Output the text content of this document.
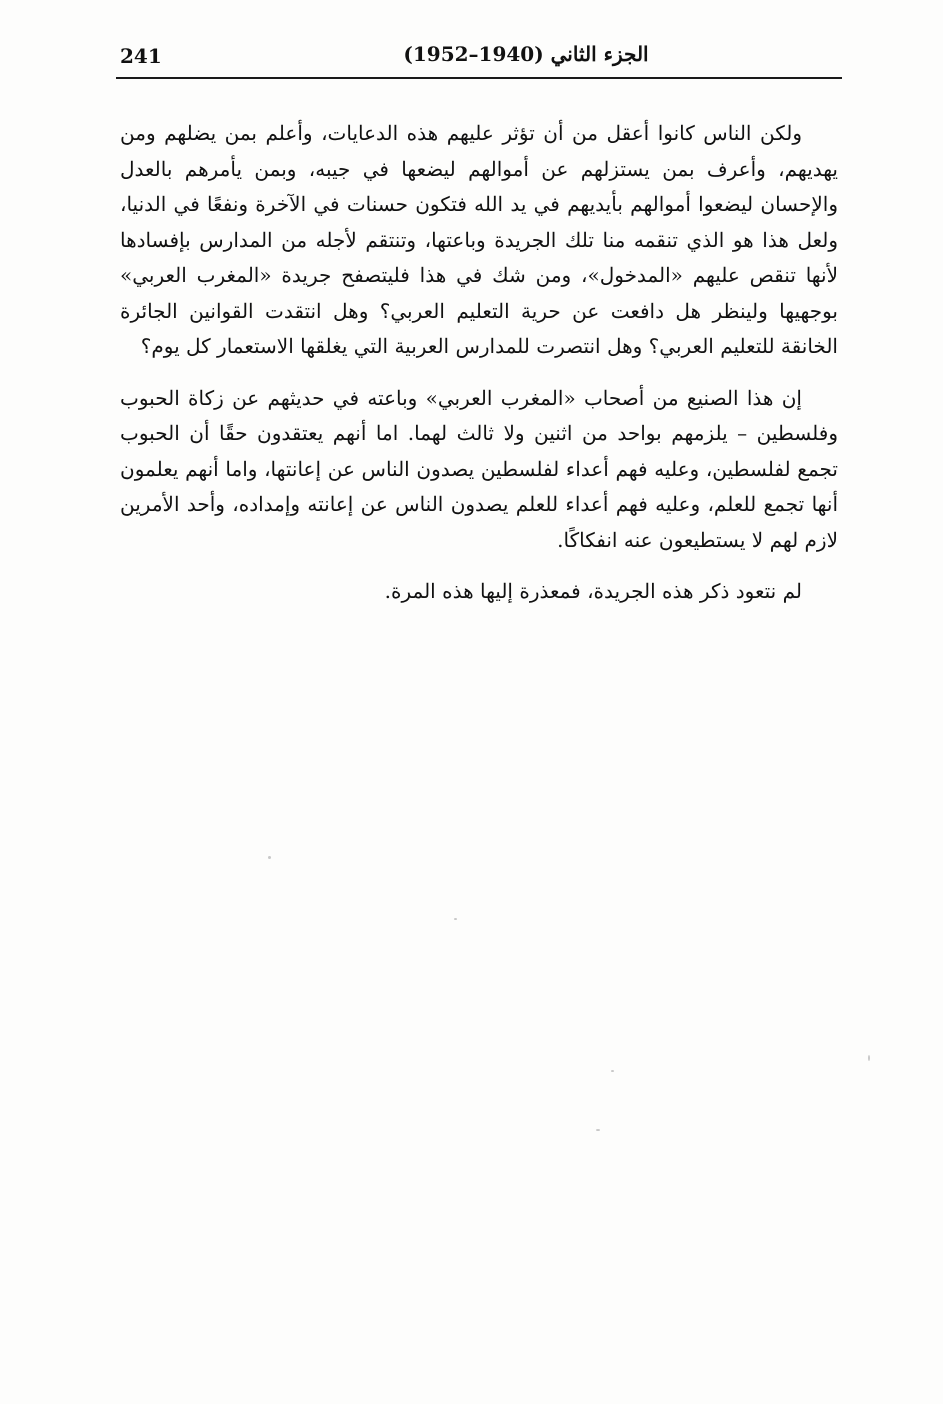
241	الجزء الثاني (1940–1952)

ولكن الناس كانوا أعقل من أن تؤثر عليهم هذه الدعايات، وأعلم بمن يضلهم ومن يهديهم، وأعرف بمن يستزلهم عن أموالهم ليضعها في جيبه، وبمن يأمرهم بالعدل والإحسان ليضعوا أموالهم بأيديهم في يد الله فتكون حسنات في الآخرة ونفعًا في الدنيا، ولعل هذا هو الذي تنقمه منا تلك الجريدة وباعتها، وتنتقم لأجله من المدارس بإفسادها لأنها تنقص عليهم «المدخول»، ومن شك في هذا فليتصفح جريدة «المغرب العربي» بوجهيها ولينظر هل دافعت عن حرية التعليم العربي؟ وهل انتقدت القوانين الجائرة الخانقة للتعليم العربي؟ وهل انتصرت للمدارس العربية التي يغلقها الاستعمار كل يوم؟

إن هذا الصنيع من أصحاب «المغرب العربي» وباعته في حديثهم عن زكاة الحبوب وفلسطين – يلزمهم بواحد من اثنين ولا ثالث لهما. اما أنهم يعتقدون حقًا أن الحبوب تجمع لفلسطين، وعليه فهم أعداء لفلسطين يصدون الناس عن إعانتها، واما أنهم يعلمون أنها تجمع للعلم، وعليه فهم أعداء للعلم يصدون الناس عن إعانته وإمداده، وأحد الأمرين لازم لهم لا يستطيعون عنه انفكاكًا.

لم نتعود ذكر هذه الجريدة، فمعذرة إليها هذه المرة.
